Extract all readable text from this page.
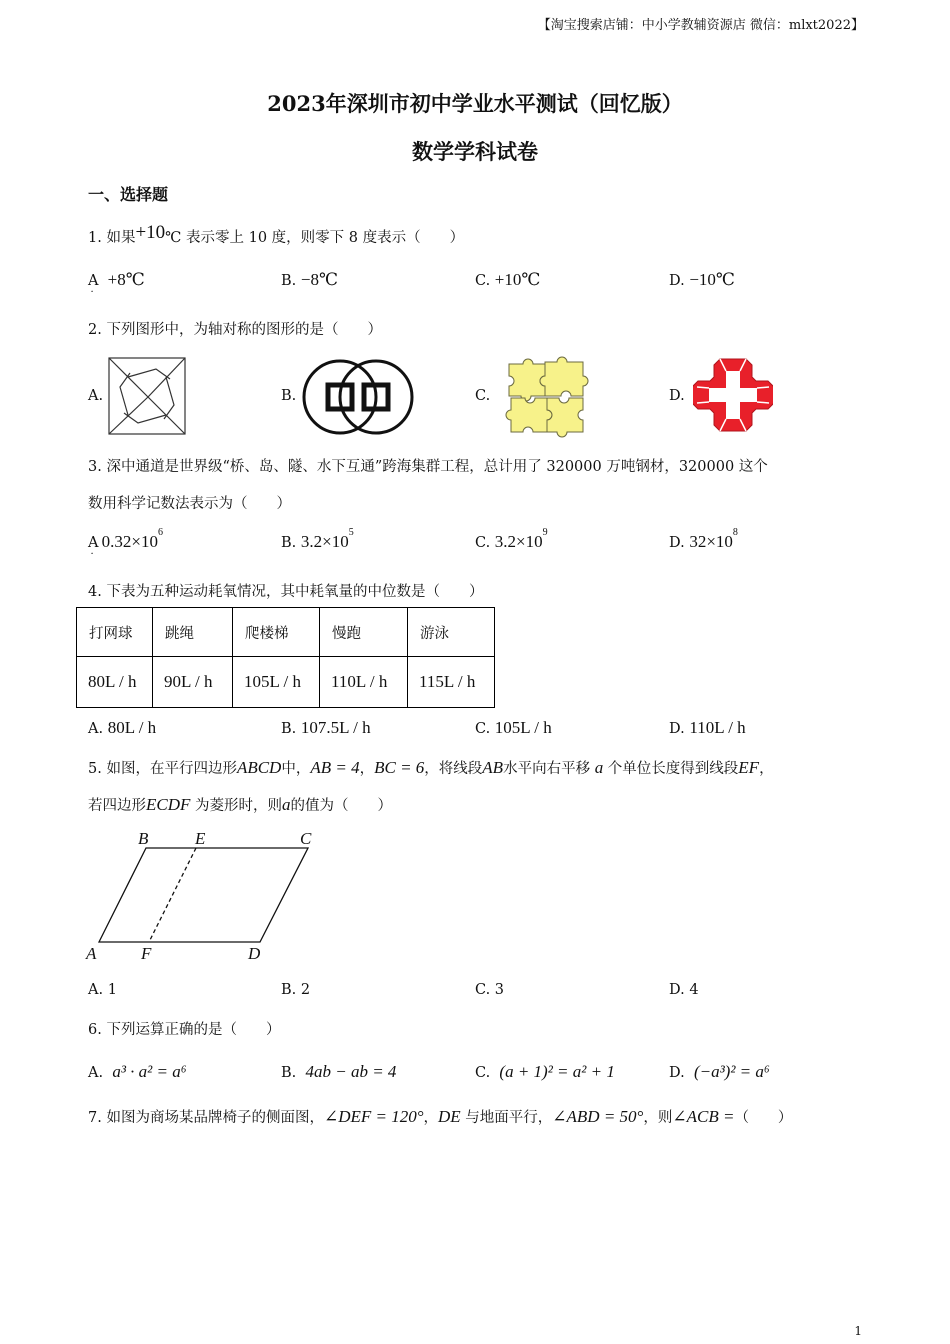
【淘宝搜索店铺：中小学教辅资源店 微信：mlxt2022】
2023年深圳市初中学业水平测试（回忆版）
数学学科试卷
一、选择题
1. 如果+10℃ 表示零上 10 度，则零下 8 度表示（　　）
$A_\cdot+8℃$	B. −8℃	C. +10℃	D. −10℃
2. 下列图形中，为轴对称的图形的是（　　）
A.	B.	C.	D.
3. 深中通道是世界级“桥、岛、隧、水下互通”跨海集群工程，总计用了 320000 万吨钢材，320000 这个
数用科学记数法表示为（　　）
$A_\cdot 0.32\times 10^6$
B. $3.2\times 10^5$
C. $3.2\times 10^9$
D. $32\times 10^8$
4. 下表为五种运动耗氧情况，其中耗氧量的中位数是（　　）
打网球	跳绳	爬楼梯	慢跑	游泳
80L / h	90L / h	105L / h	110L / h	115L / h
A. 80L / h	B. 107.5L / h	C. 105L / h	D. 110L / h
5. 如图，在平行四边形ABCD中，AB = 4，BC = 6，将线段AB水平向右平移 a 个单位长度得到线段EF，
若四边形ECDF 为菱形时，则a的值为（　　）
B	E	C
A	F	D
A. 1	B. 2	C. 3	D. 4
6. 下列运算正确的是（　　）
A. a³ · a² = a⁶	B. 4ab − ab = 4	C. (a + 1)² = a² + 1	D. (−a³)² = a⁶
7. 如图为商场某品牌椅子的侧面图，∠DEF = 120°，DE 与地面平行，∠ABD = 50°，则∠ACB =（　　）
1
